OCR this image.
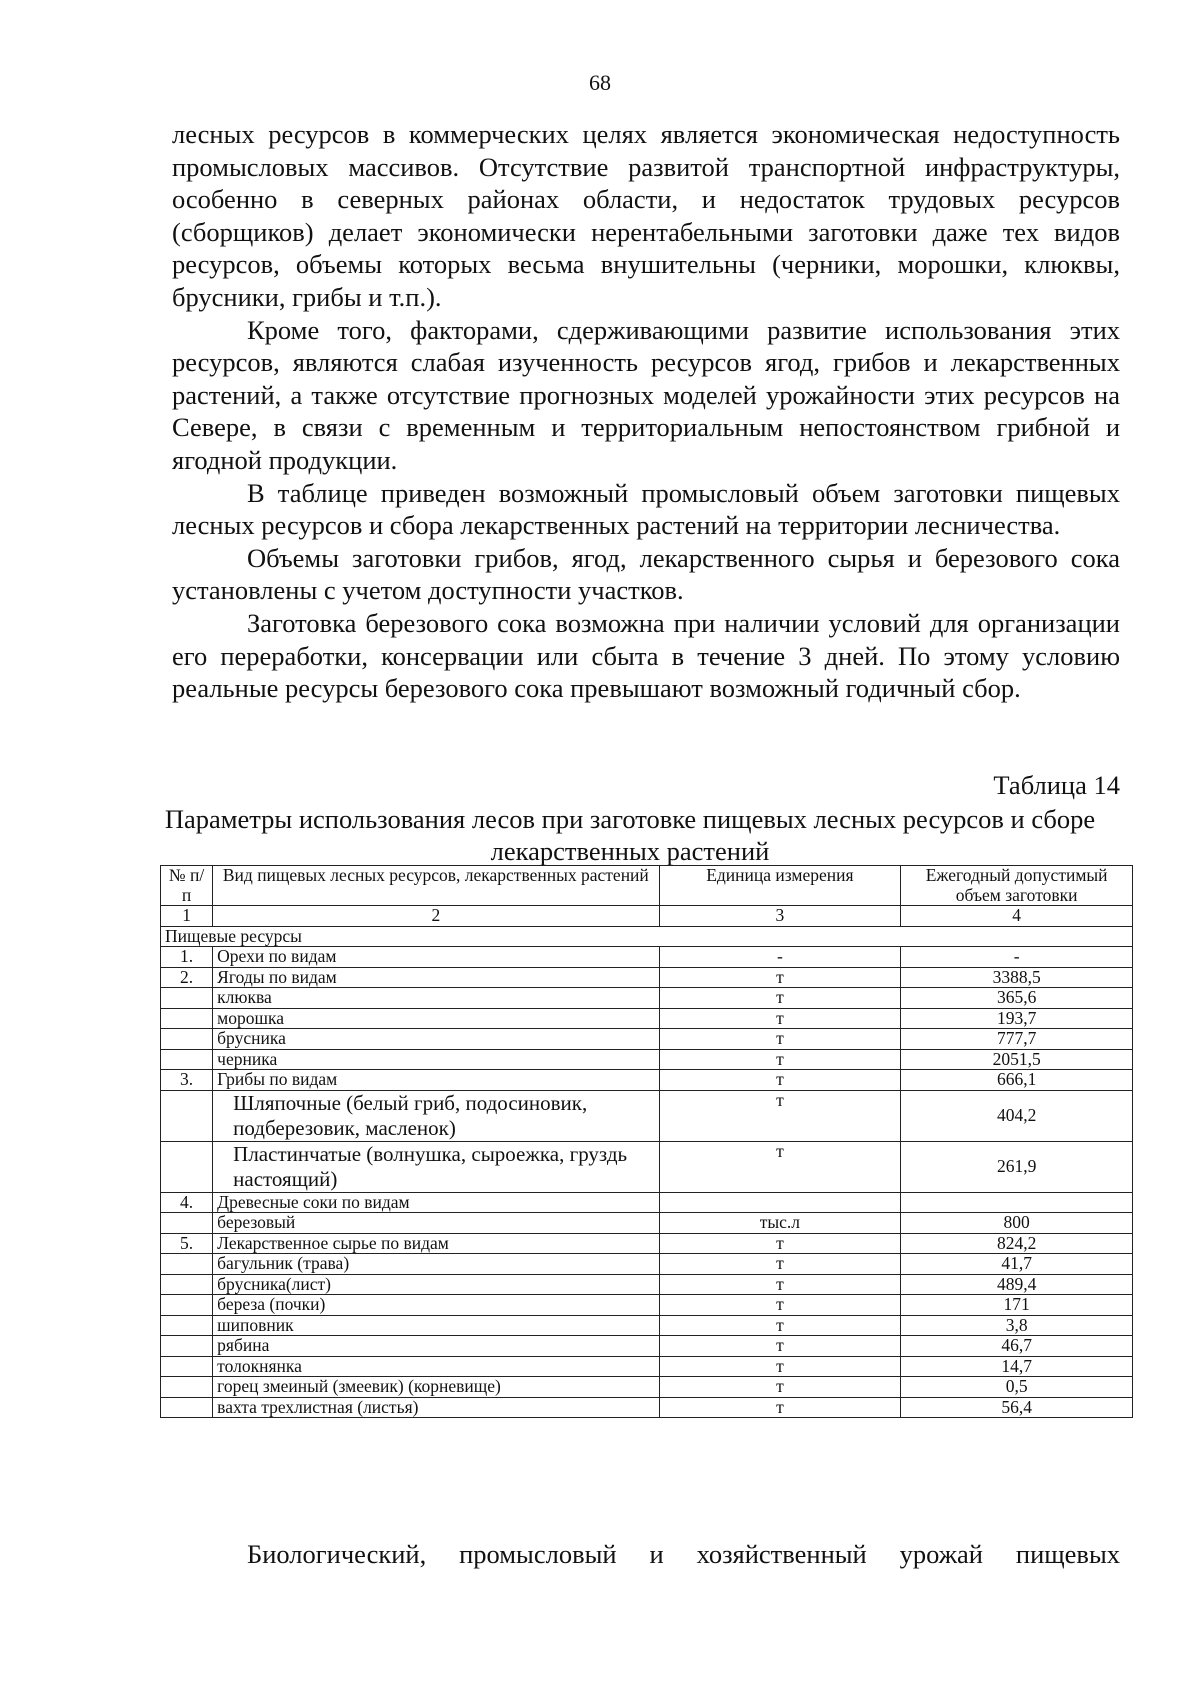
68

лесных ресурсов в коммерческих целях является экономическая недоступность промысловых массивов. Отсутствие развитой транспортной инфраструктуры, особенно в северных районах области, и недостаток трудовых ресурсов (сборщиков) делает экономически нерентабельными заготовки даже тех видов ресурсов, объемы которых весьма внушительны (черники, морошки, клюквы, брусники, грибы и т.п.).

Кроме того, факторами, сдерживающими развитие использования этих ресурсов, являются слабая изученность ресурсов ягод, грибов и лекарственных растений, а также отсутствие прогнозных моделей урожайности этих ресурсов на Севере, в связи с временным и территориальным непостоянством грибной и ягодной продукции.

В таблице приведен возможный промысловый объем заготовки пищевых лесных ресурсов и сбора лекарственных растений на территории лесничества.

Объемы заготовки грибов, ягод, лекарственного сырья и березового сока установлены с учетом доступности участков.

Заготовка березового сока возможна при наличии условий для организации его переработки, консервации или сбыта в течение 3 дней. По этому условию реальные ресурсы березового сока превышают возможный годичный сбор.

Таблица 14
Параметры использования лесов при заготовке пищевых лесных ресурсов и сборе лекарственных растений
№ п/п	Вид пищевых лесных ресурсов, лекарственных растений	Единица измерения	Ежегодный допустимый объем заготовки
1	2	3	4
Пищевые ресурсы			
1.	Орехи по видам	-	-
2.	Ягоды по видам	т	3388,5
	клюква	т	365,6
	морошка	т	193,7
	брусника	т	777,7
	черника	т	2051,5
3.	Грибы по видам	т	666,1
	Шляпочные (белый гриб, подосиновик, подберезовик, масленок)	т	404,2
	Пластинчатые (волнушка, сыроежка, груздь настоящий)	т	261,9
4.	Древесные соки по видам		
	березовый	тыс.л	800
5.	Лекарственное сырье по видам	т	824,2
	багульник (трава)	т	41,7
	брусника(лист)	т	489,4
	береза (почки)	т	171
	шиповник	т	3,8
	рябина	т	46,7
	толокнянка	т	14,7
	горец змеиный (змеевик) (корневище)	т	0,5
	вахта трехлистная (листья)	т	56,4
Биологический, промысловый и хозяйственный урожай пищевых
